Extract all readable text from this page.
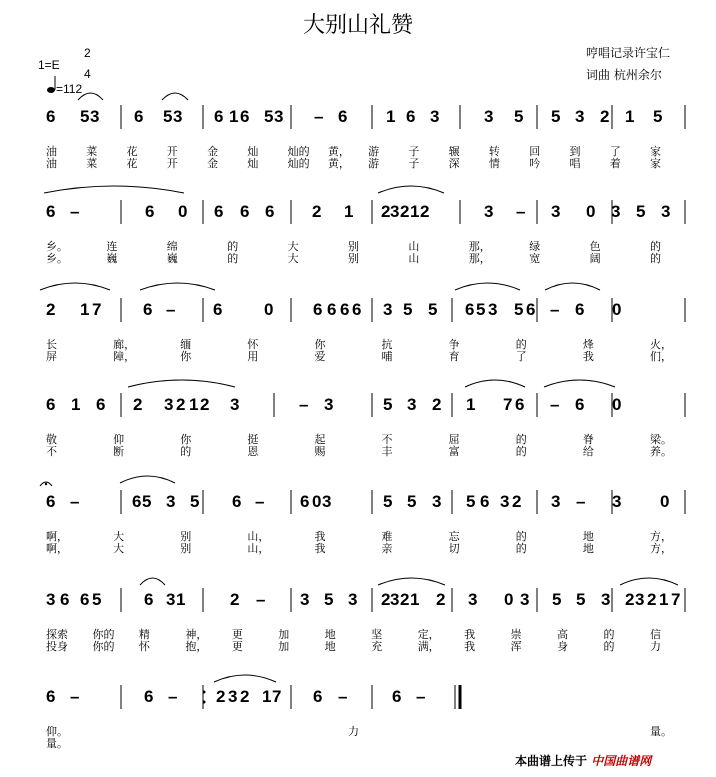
大别山礼赞
哼唱记录许宝仁
词曲 杭州余尔
1=E
2
4
=112
6 5 3 6 5 3 6 1 6 5 3 – 6 1 6 3	3 5 5 3 2 1 5
油	菜	花	开	金	灿	灿的 黄， 游	子	辗	转	回	到	了	家
油	菜	花	开	金	灿	灿的 黄， 游	子	深	情	吟	唱	着	家
6 –	6 0 6 6 6 2 1 2 3 2 1 2	3 – 3 0 3 5 3
乡。	连	绵	的	大	别	山	那，	绿	色	的
乡。	巍	巍	的	大	别	山	那，	宽	阔	的
2 1 7 6 – 6 0 6 6 6 6 3 5 5 6 5 3 5 6 – 6 0
长	廊，	缅	怀	你	抗	争	的	烽	火，
屏	障，	你	用	爱	哺	育	了	我	们，
6 1 6 2 3 2 1 2 3	– 3	5 3 2 1 7 6 – 6 0
敬	仰	你	挺	起	不	屈	的	脊	梁。
不	断	的	恩	赐	丰	富	的	给	养。
6 –	6 5 3 5 6 – 6 0 3	5 5 3 5 6 3 2 3 – 3 0
啊，	大	别	山，	我	难	忘	的	地	方，
啊，	大	别	山，	我	亲	切	的	地	方，
3 6 6 5	6 3 1	2 – 3 5 3 2 3 2 1 2 3 0 3 5 5 3 2 3 2 1 7
探索 你的 精	神， 更	加	地	坚	定， 我	崇	高	的	信
投身 你的 怀	抱， 更	加	地	充	满， 我	浑	身	的	力
6 –	6 – 2 3 2 1 7 6 –	6 –
仰。	力	量。
量。
本曲谱上传于 中国曲谱网
